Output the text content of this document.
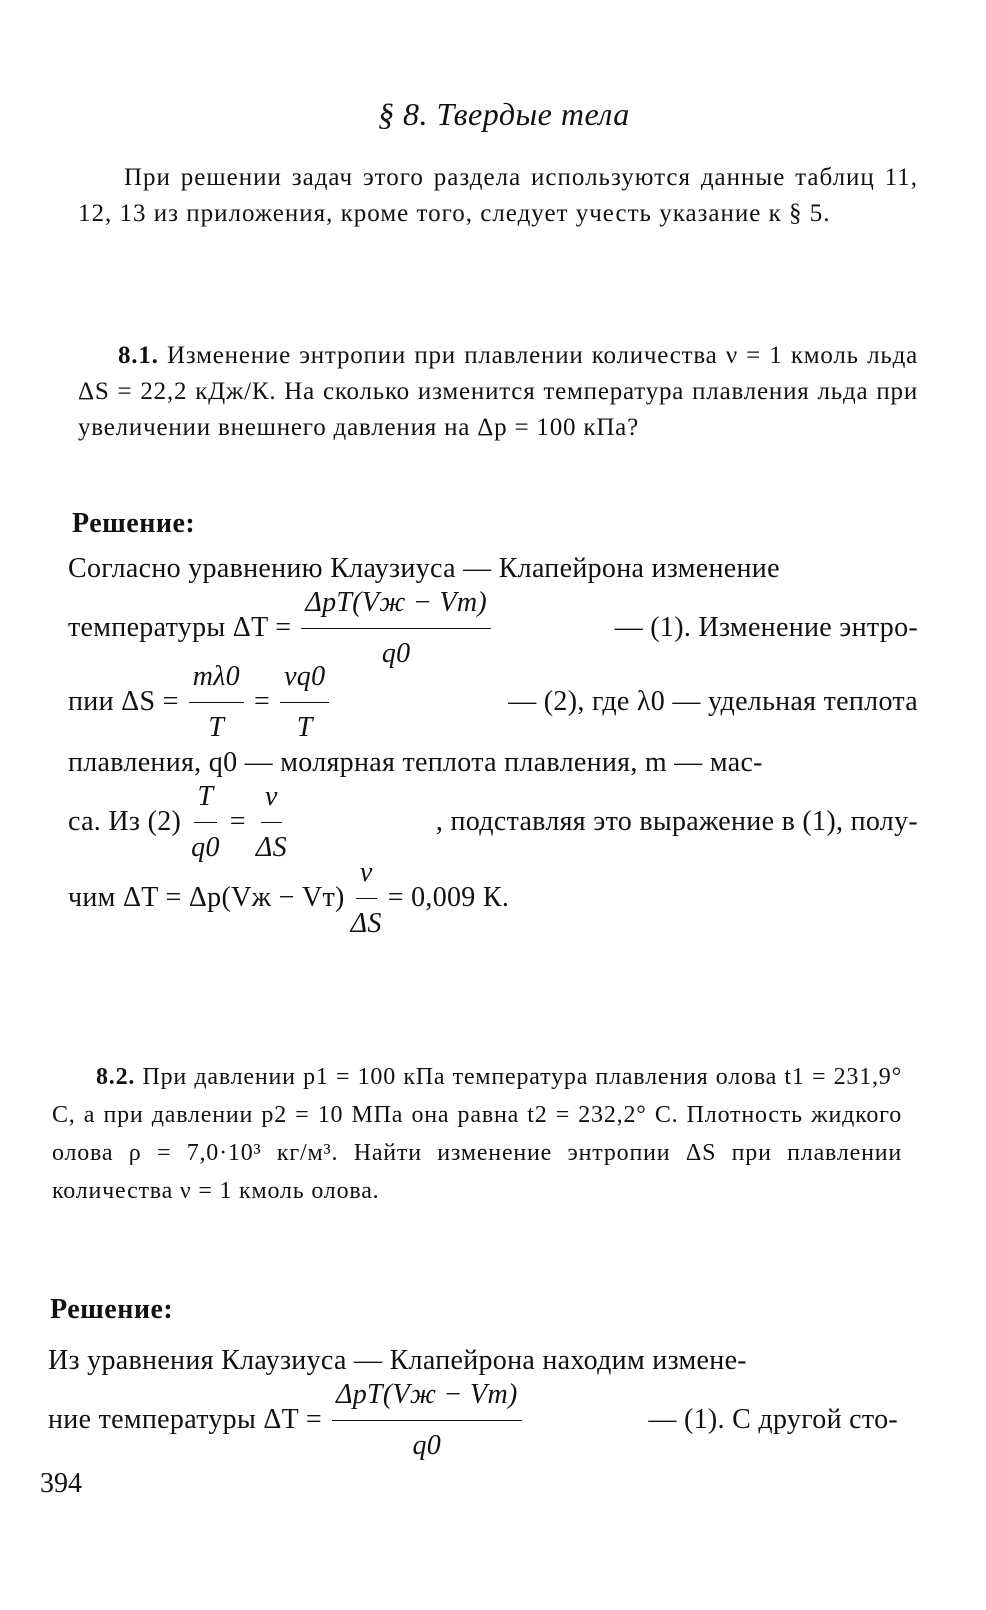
§ 8. Твердые тела
При решении задач этого раздела используются данные таблиц 11, 12, 13 из приложения, кроме того, следует учесть указание к § 5.
8.1. Изменение энтропии при плавлении количества ν = 1 кмоль льда ΔS = 22,2 кДж/К. На сколько изменится температура плавления льда при увеличении внешнего давления на Δp = 100 кПа?
Решение:
Согласно уравнению Клаузиуса — Клапейрона изменение
температуры $\Delta T = \frac{\text{ΔpT(Vж − Vт)}}{q0}$	— (1). Изменение энтро-
пии $\Delta S = \frac{m\lambda 0}{T} = \frac{\nu q0}{T}$	— (2), где λ0 — удельная теплота
плавления, q0 — молярная теплота плавления, m — мас-
са. Из $(2) \frac{T}{q0} = \frac{\nu}{\Delta S}$	, подставляя это выражение в (1), полу-
чим $\Delta T = \Delta p(Vж - Vт) \frac{\nu}{\Delta S} = 0,009$ К.
8.2. При давлении p1 = 100 кПа температура плавления олова t1 = 231,9° C, а при давлении p2 = 10 МПа она равна t2 = 232,2° C. Плотность жидкого олова ρ = 7,0·10³ кг/м³. Найти изменение энтропии ΔS при плавлении количества ν = 1 кмоль олова.
Решение:
Из уравнения Клаузиуса — Клапейрона находим измене-
ние температуры $\Delta T = \frac{\text{ΔpT(Vж − Vт)}}{q0}$	— (1). С другой сто-
394
